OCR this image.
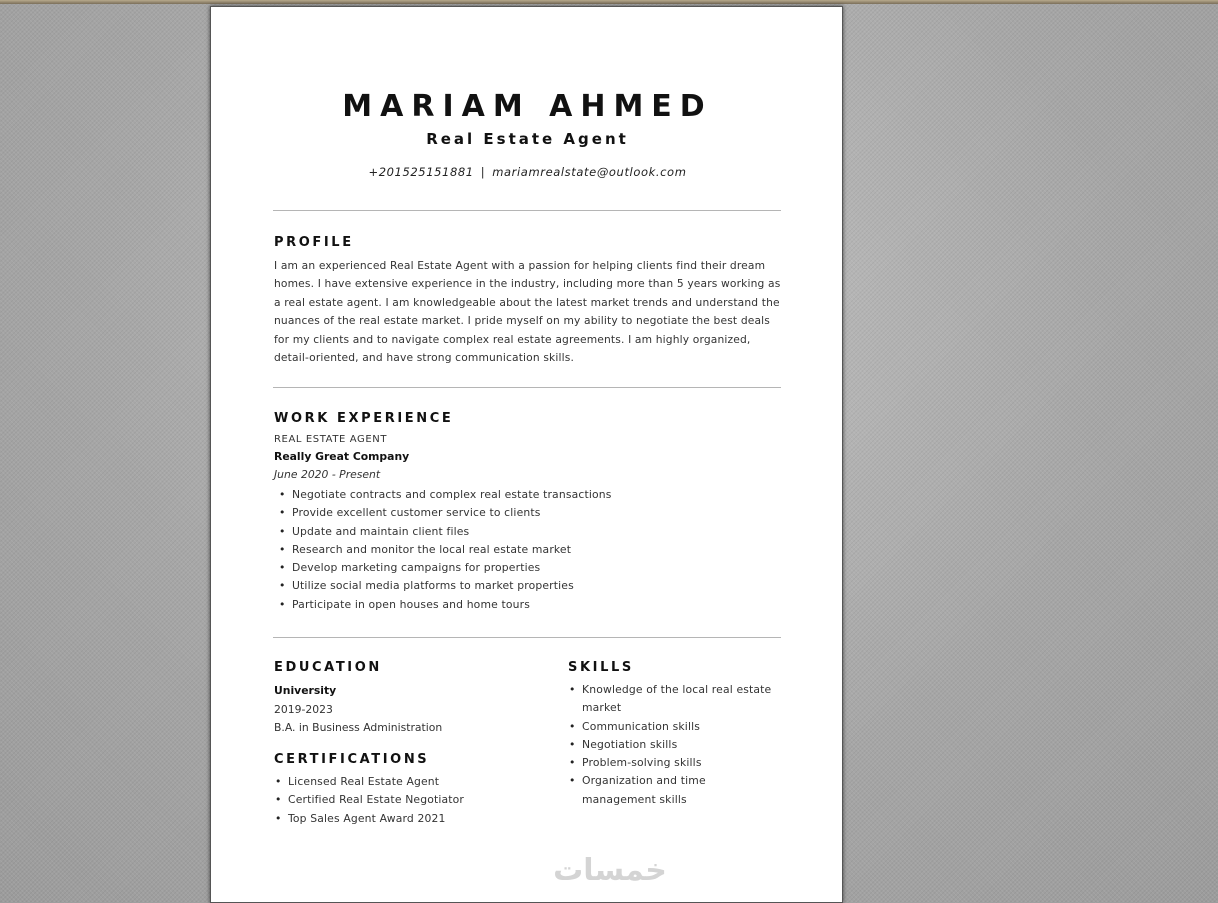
MARIAM AHMED
Real Estate Agent
+201525151881 | mariamrealstate@outlook.com
PROFILE
I am an experienced Real Estate Agent with a passion for helping clients find their dream homes. I have extensive experience in the industry, including more than 5 years working as a real estate agent. I am knowledgeable about the latest market trends and understand the nuances of the real estate market. I pride myself on my ability to negotiate the best deals for my clients and to navigate complex real estate agreements. I am highly organized, detail-oriented, and have strong communication skills.
WORK EXPERIENCE
REAL ESTATE AGENT
Really Great Company
June 2020 - Present
• Negotiate contracts and complex real estate transactions
• Provide excellent customer service to clients
• Update and maintain client files
• Research and monitor the local real estate market
• Develop marketing campaigns for properties
• Utilize social media platforms to market properties
• Participate in open houses and home tours
EDUCATION
University
2019-2023
B.A. in Business Administration
CERTIFICATIONS
• Licensed Real Estate Agent
• Certified Real Estate Negotiator
• Top Sales Agent Award 2021
SKILLS
• Knowledge of the local real estate market
• Communication skills
• Negotiation skills
• Problem-solving skills
• Organization and time management skills
خمسات
